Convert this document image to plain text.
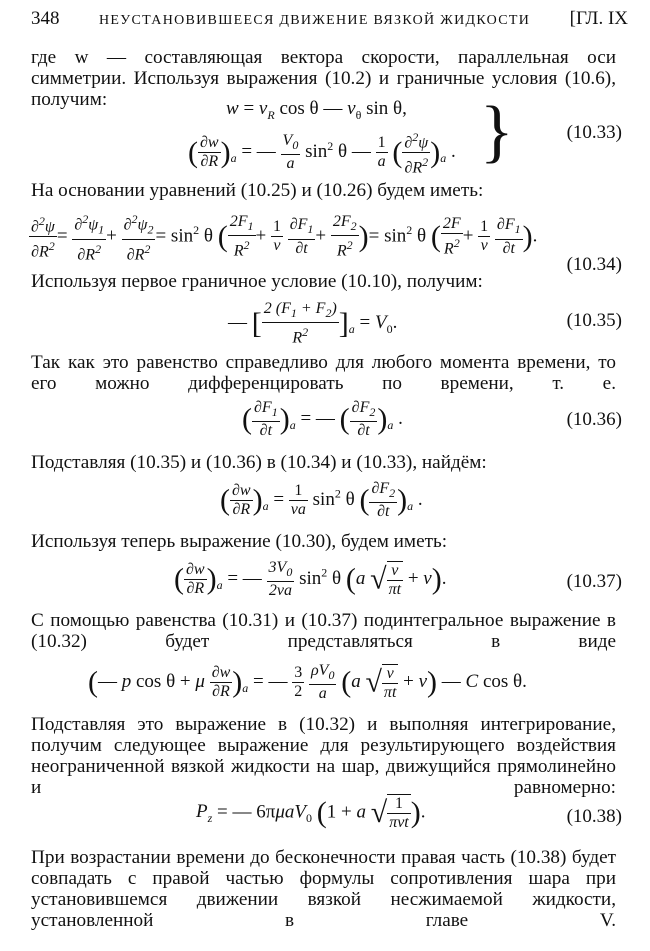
348	НЕУСТАНОВИВШЕЕСЯ ДВИЖЕНИЕ ВЯЗКОЙ ЖИДКОСТИ [ГЛ. IX
где w — составляющая вектора скорости, параллельная оси симметрии. Используя выражения (10.2) и граничные условия (10.6), получим:	$w = v_R$ cos θ — $v_\theta$ sin θ,
( $\frac{\partial w}{\partial R} )_a$ = — $\frac{V_0}{a} \sin^2 \theta$ — $\frac{1}{a}$ ( $\frac{\partial^2\psi}{\partial R^2} )_a$ . }	(10.33)
На основании уравнений (10.25) и (10.26) будем иметь:
$\frac{\partial^2\psi}{\partial R^2} = \frac{\partial^2\psi_1}{\partial R^2} + \frac{\partial^2\psi_2}{\partial R^2} = \sin^2 \theta$ ( $\frac{2F_1}{R^2} + \frac{1}{\nu}$
$\frac{\partial F_1}{\partial t} + \frac{2F_2}{R^2}$ )= $\sin^2 \theta$ ( $\frac{2F}{R^2} + \frac{1}{\nu}$
$\frac{\partial F_1}{\partial t}$ ).
(10.34)
Используя первое граничное условие (10.10), получим:
— [ $\frac{2 (F_1 + F_2)}{R^2} ]_a = V_0$.	(10.35)
Так как это равенство справедливо для любого момента времени, то его можно дифференцировать по времени, т. е.
( $\frac{\partial F_1}{\partial t} )_a$ = — ( $\frac{\partial F_2}{\partial t} )_a$ .	(10.36)
Подставляя (10.35) и (10.36) в (10.34) и (10.33), найдём:
( $\frac{\partial w}{\partial R} )_a = \frac{1}{\nu a} \sin^2 \theta$ ( $\frac{\partial F_2}{\partial t} )_a$ .
Используя теперь выражение (10.30), будем иметь:
( $\frac{\partial w}{\partial R} )_a$ = — $\frac{3V_0}{2\nu a} \sin^2 \theta$ (a √ $\frac{\nu}{\pi t} + \nu$).	(10.37)
С помощью равенства (10.31) и (10.37) подинтегральное выражение в (10.32) будет представляться в виде
(— p cos θ + μ $\frac{\partial w}{\partial R} )_a$ = — $\frac{3}{2}$
$\frac{\rho V_0}{a} (a$ √ $\frac{\nu}{\pi t} + \nu$) — C cos θ.
Подставляя это выражение в (10.32) и выполняя интегрирование, получим следующее выражение для результирующего воздействия неограниченной вязкой жидкости на шар, движущийся прямолинейно и равномерно:
$P_z$ = — 6πμaV$_0$ (1 + a √ $\frac{1}{\text{πνt}}$ ).	(10.38)
При возрастании времени до бесконечности правая часть (10.38) будет совпадать с правой частью формулы сопротивления шара при установившемся движении вязкой несжимаемой жидкости, установленной в главе V.
